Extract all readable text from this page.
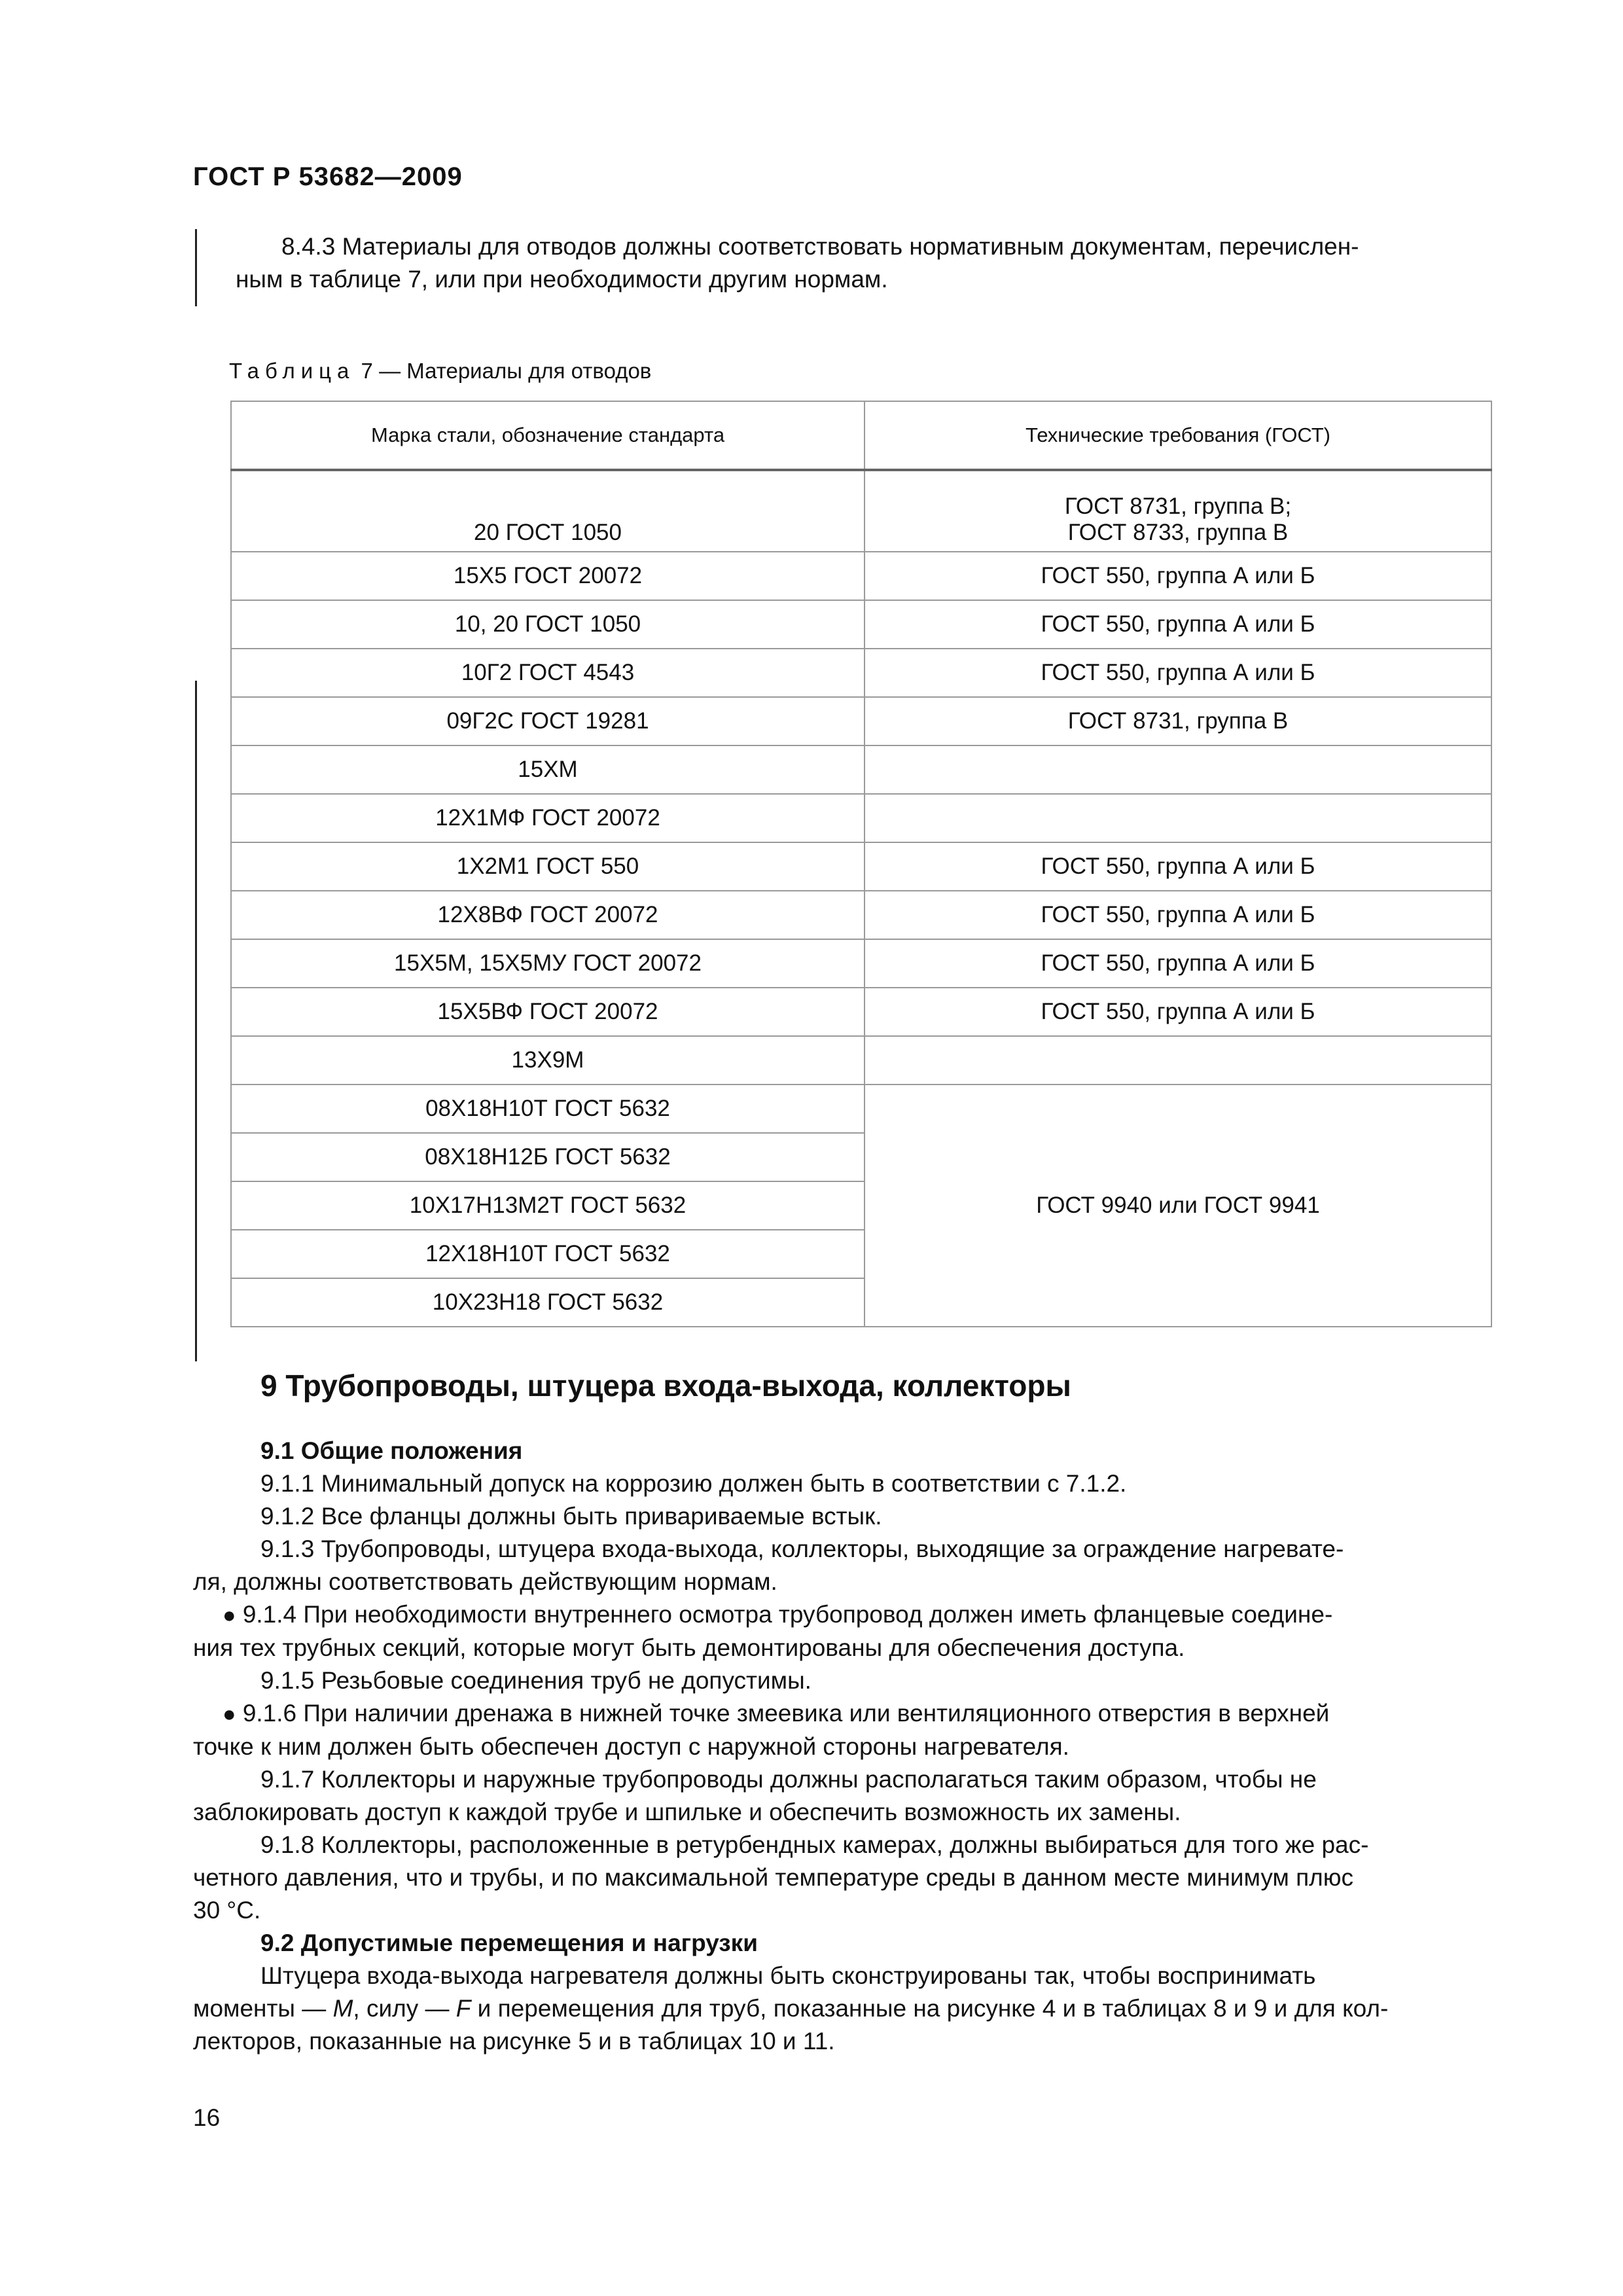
ГОСТ Р 53682—2009
8.4.3 Материалы для отводов должны соответствовать нормативным документам, перечислен-
ным в таблице 7, или при необходимости другим нормам.
Таблица 7 — Материалы для отводов
Марка стали, обозначение стандарта	Технические требования (ГОСТ)
20 ГОСТ 1050	ГОСТ 8731, группа В;
ГОСТ 8733, группа В

15Х5 ГОСТ 20072	ГОСТ 550, группа А или Б
10, 20 ГОСТ 1050	ГОСТ 550, группа А или Б
10Г2 ГОСТ 4543	ГОСТ 550, группа А или Б
09Г2С ГОСТ 19281	ГОСТ 8731, группа В
15ХМ	
12Х1МФ ГОСТ 20072	
1Х2М1 ГОСТ 550	ГОСТ 550, группа А или Б
12Х8ВФ ГОСТ 20072	ГОСТ 550, группа А или Б
15Х5М, 15Х5МУ ГОСТ 20072	ГОСТ 550, группа А или Б
15Х5ВФ ГОСТ 20072	ГОСТ 550, группа А или Б
13Х9М	
08Х18Н10Т ГОСТ 5632	ГОСТ 9940 или ГОСТ 9941
08Х18Н12Б ГОСТ 5632	
10Х17Н13М2Т ГОСТ 5632	
12Х18Н10Т ГОСТ 5632	
10Х23Н18 ГОСТ 5632	
9 Трубопроводы, штуцера входа-выхода, коллекторы
9.1 Общие положения
9.1.1 Минимальный допуск на коррозию должен быть в соответствии с 7.1.2.
9.1.2 Все фланцы должны быть привариваемые встык.
9.1.3 Трубопроводы, штуцера входа-выхода, коллекторы, выходящие за ограждение нагревате-
ля, должны соответствовать действующим нормам.
● 9.1.4 При необходимости внутреннего осмотра трубопровод должен иметь фланцевые соедине-
ния тех трубных секций, которые могут быть демонтированы для обеспечения доступа.
9.1.5 Резьбовые соединения труб не допустимы.
● 9.1.6 При наличии дренажа в нижней точке змеевика или вентиляционного отверстия в верхней
точке к ним должен быть обеспечен доступ с наружной стороны нагревателя.
9.1.7 Коллекторы и наружные трубопроводы должны располагаться таким образом, чтобы не
заблокировать доступ к каждой трубе и шпильке и обеспечить возможность их замены.
9.1.8 Коллекторы, расположенные в ретурбендных камерах, должны выбираться для того же рас-
четного давления, что и трубы, и по максимальной температуре среды в данном месте минимум плюс
30 °С.
9.2 Допустимые перемещения и нагрузки
Штуцера входа-выхода нагревателя должны быть сконструированы так, чтобы воспринимать
моменты — М, силу — F и перемещения для труб, показанные на рисунке 4 и в таблицах 8 и 9 и для кол-
лекторов, показанные на рисунке 5 и в таблицах 10 и 11.
16
